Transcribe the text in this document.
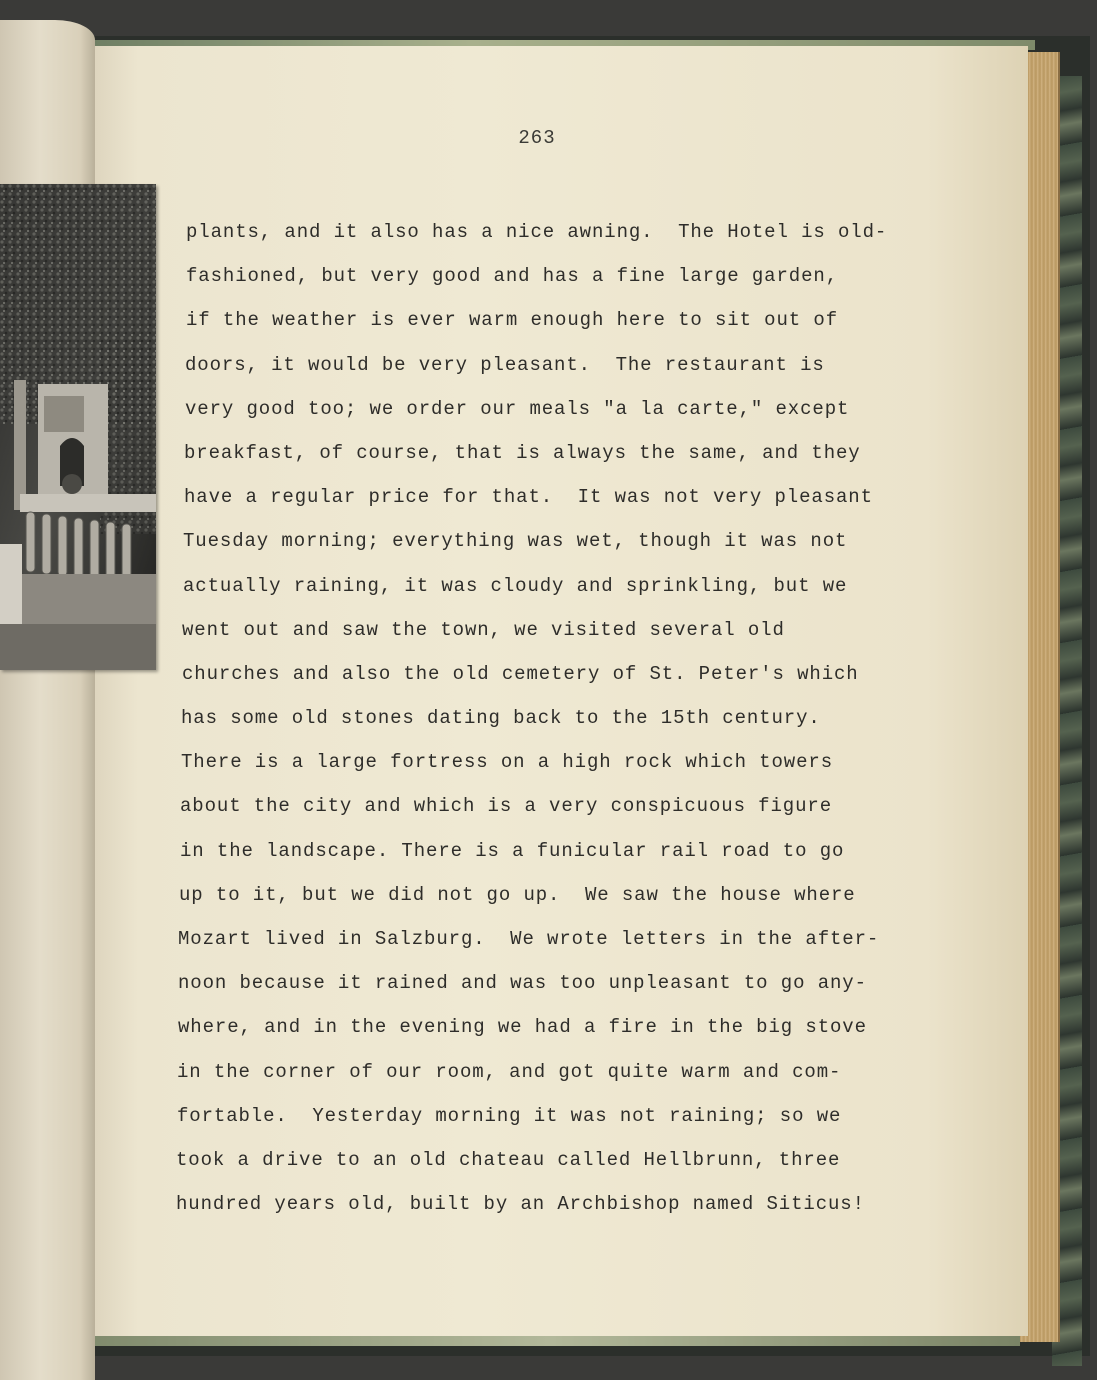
263
plants, and it also has a nice awning.  The Hotel is old-
fashioned, but very good and has a fine large garden,
if the weather is ever warm enough here to sit out of
doors, it would be very pleasant.  The restaurant is
very good too; we order our meals "a la carte," except
breakfast, of course, that is always the same, and they
have a regular price for that.  It was not very pleasant
Tuesday morning; everything was wet, though it was not
actually raining, it was cloudy and sprinkling, but we
went out and saw the town, we visited several old
churches and also the old cemetery of St. Peter's which
has some old stones dating back to the 15th century.
There is a large fortress on a high rock which towers
about the city and which is a very conspicuous figure
in the landscape. There is a funicular rail road to go
up to it, but we did not go up.  We saw the house where
Mozart lived in Salzburg.  We wrote letters in the after-
noon because it rained and was too unpleasant to go any-
where, and in the evening we had a fire in the big stove
in the corner of our room, and got quite warm and com-
fortable.  Yesterday morning it was not raining; so we
took a drive to an old chateau called Hellbrunn, three
hundred years old, built by an Archbishop named Siticus!
